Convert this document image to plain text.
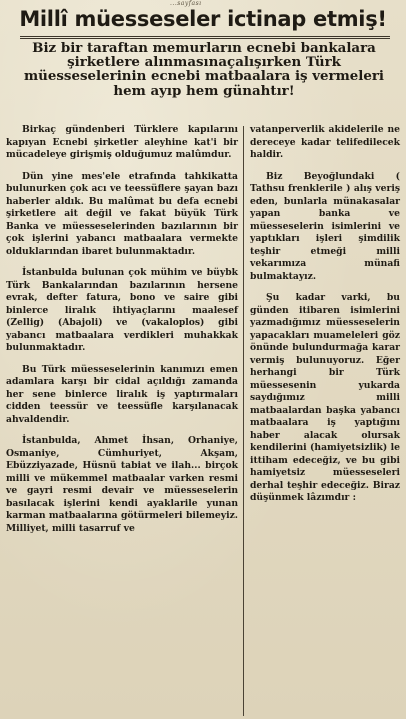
...sayfası
Millî müesseseler ictinap etmiş!
Biz bir taraftan memurların ecnebi bankalara şirketlere alınmasınaçalışırken Türk müesseselerinin ecnebi matbaalara iş vermeleri hem ayıp hem günahtır!

Birkaç gündenberi Türklere kapılarını kapıyan Ecnebi şirketler aleyhine kat'i bir mücadeleye girişmiş olduğumuz malûmdur.

Dün yine mes'ele etrafında tahkikatta bulunurken çok acı ve teessüflere şayan bazı haberler aldık. Bu malûmat bu defa ecnebi şirketlere ait değil ve fakat büyük Türk Banka ve müesseselerinden bazılarının bir çok işlerini yabancı matbaalara vermekte olduklarından ibaret bulunmaktadır.

İstanbulda bulunan çok mühim ve büybk Türk Bankalarından bazılarının hersene evrak, defter fatura, bono ve saire gibi binlerce liralık ihtiyaçlarını maalesef (Zellig) (Abajoli) ve (vakaloplos) gibi yabancı matbaalara verdikleri muhakkak bulunmaktadır.

Bu Türk müesseselerinin kanımızı emen adamlara karşı bir cidal açıldığı zamanda her sene binlerce liralık iş yaptırmaları cidden teessür ve teessüfle karşılanacak ahvaldendir.

İstanbulda, Ahmet İhsan, Orhaniye, Osmaniye, Cümhuriyet, Akşam, Ebüzziyazade, Hüsnü tabiat ve ilah... birçok milli ve mükemmel matbaalar varken resmi ve gayri resmi devair ve müesseselerin basılacak işlerini kendi ayaklarile yunan karman matbaalarına götürmeleri bilemeyiz. Milliyet, milli tasarruf ve

vatanperverlik akidelerile ne dereceye kadar telifedilecek haldir.

Biz Beyoğlundaki ( Tathsu frenklerile ) alış veriş eden, bunlarla münakasalar yapan banka ve müesseselerin isimlerini ve yaptıkları işleri şimdilik teşhir etmeği milli vekarımıza münafi bulmaktayız.

Şu kadar varki, bu günden itibaren isimlerini yazmadığımız müesseselerin yapacakları muameleleri göz önünde bulundurmağa karar vermiş bulunuyoruz. Eğer herhangi bir Türk müessesenin yukarda saydığımız milli matbaalardan başka yabancı matbaalara iş yaptığını haber alacak olursak kendilerini (hamiyetsizlik) le ittiham edeceğiz, ve bu gibi hamiyetsiz müesseseleri derhal teşhir edeceğiz. Biraz düşünmek lâzımdır :
